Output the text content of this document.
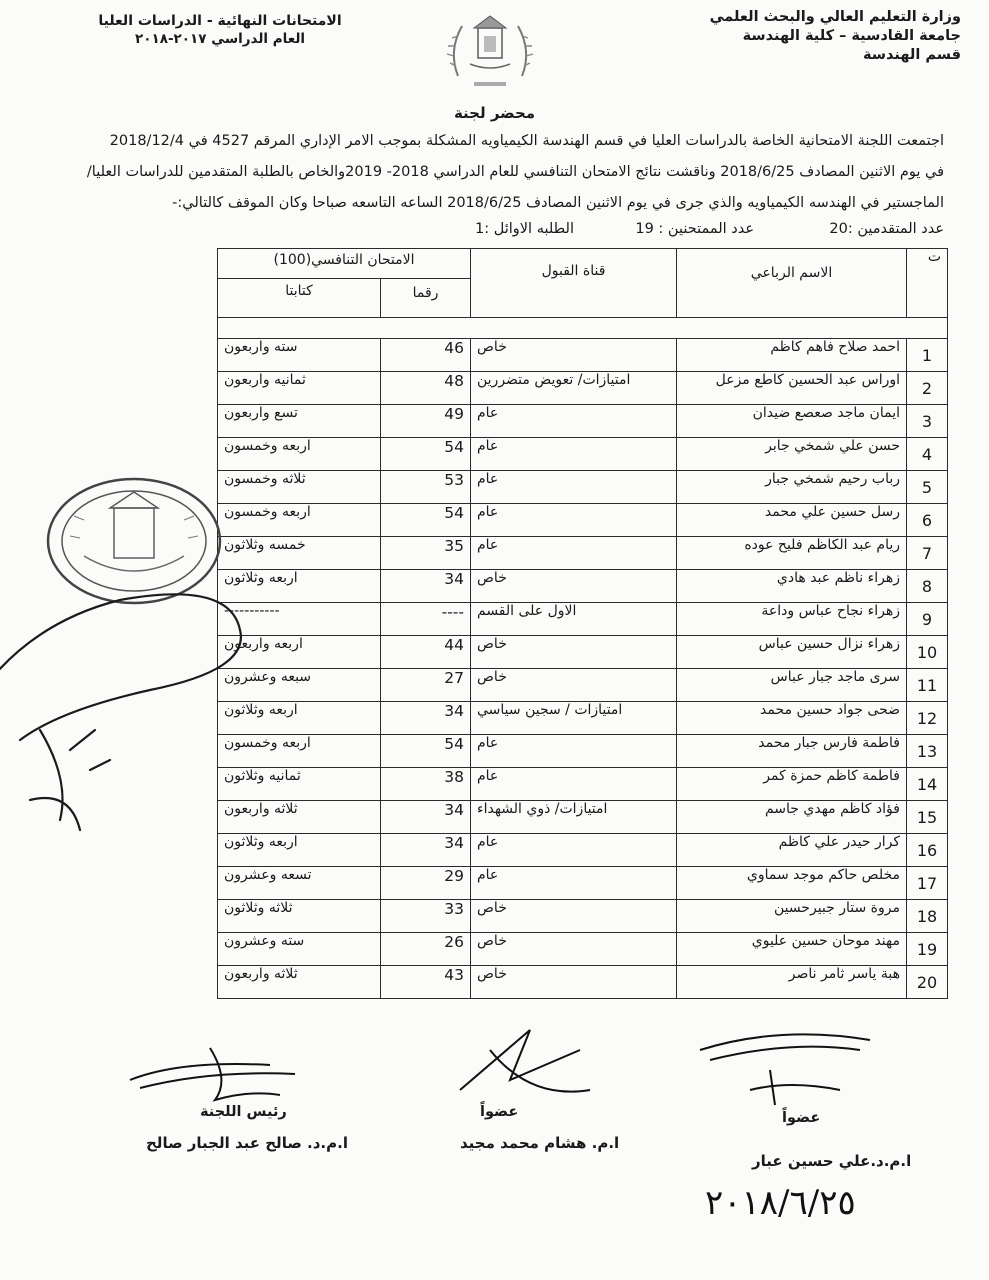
وزارة التعليم العالي والبحث العلمي
جامعة القادسية – كلية الهندسة
قسم الهندسة
الامتحانات النهائية - الدراسات العليا
العام الدراسي ٢٠١٧-٢٠١٨
محضر لجنة
اجتمعت اللجنة الامتحانية الخاصة بالدراسات العليا في قسم الهندسة الكيمياويه المشكلة بموجب الامر الإداري المرقم 4527 في 2018/12/4
في يوم الاثنين المصادف 2018/6/25 وناقشت نتائج الامتحان التنافسي للعام الدراسي 2018- 2019والخاص بالطلبة المتقدمين للدراسات العليا/
الماجستير في الهندسه الكيمياويه والذي جرى في يوم الاثنين المصادف 2018/6/25 الساعه التاسعه صباحا وكان الموقف كالتالي:-
عدد المتقدمين :20
عدد الممتحنين : 19
الطلبه الاوائل :1
ت	الاسم الرباعي	قناة القبول	الامتحان التنافسي(100)	
			رقما	كتابتا

1	احمد صلاح فاهم كاظم	خاص	46	سته واربعون
2	اوراس عبد الحسين كاطع مزعل	امتيازات/ تعويض متضررين	48	ثمانيه واربعون
3	ايمان ماجد صعصع ضيدان	عام	49	تسع واربعون
4	حسن علي شمخي جابر	عام	54	اربعه وخمسون
5	رباب رحيم شمخي جبار	عام	53	ثلاثه وخمسون
6	رسل حسين علي محمد	عام	54	اربعه وخمسون
7	ريام عبد الكاظم فليح عوده	عام	35	خمسه وثلاثون
8	زهراء ناظم عبد هادي	خاص	34	اربعه وثلاثون
9	زهراء نجاح عباس وداعة	الاول على القسم	----	-----------
10	زهراء نزال حسين عباس	خاص	44	اربعه واربعون
11	سرى ماجد جبار عباس	خاص	27	سبعه وعشرون
12	ضحى جواد حسين محمد	امتيازات / سجين سياسي	34	اربعه وثلاثون
13	فاطمة فارس جبار محمد	عام	54	اربعه وخمسون
14	فاطمة كاظم حمزة كمر	عام	38	ثمانيه وثلاثون
15	فؤاد كاظم مهدي جاسم	امتيازات/ ذوي الشهداء	34	ثلاثه واربعون
16	كرار حيدر علي كاظم	عام	34	اربعه وثلاثون
17	مخلص حاكم موجد سماوي	عام	29	تسعه وعشرون
18	مروة ستار جبيرحسين	خاص	33	ثلاثه وثلاثون
19	مهند موحان حسين عليوي	خاص	26	سته وعشرون
20	هبة ياسر ثامر ناصر	خاص	43	ثلاثه واربعون
رئيس اللجنة
ا.م.د. صالح عبد الجبار صالح
عضواً
ا.م. هشام محمد مجيد
عضواً
ا.م.د.علي حسين عبار
٢٠١٨/٦/٢٥
